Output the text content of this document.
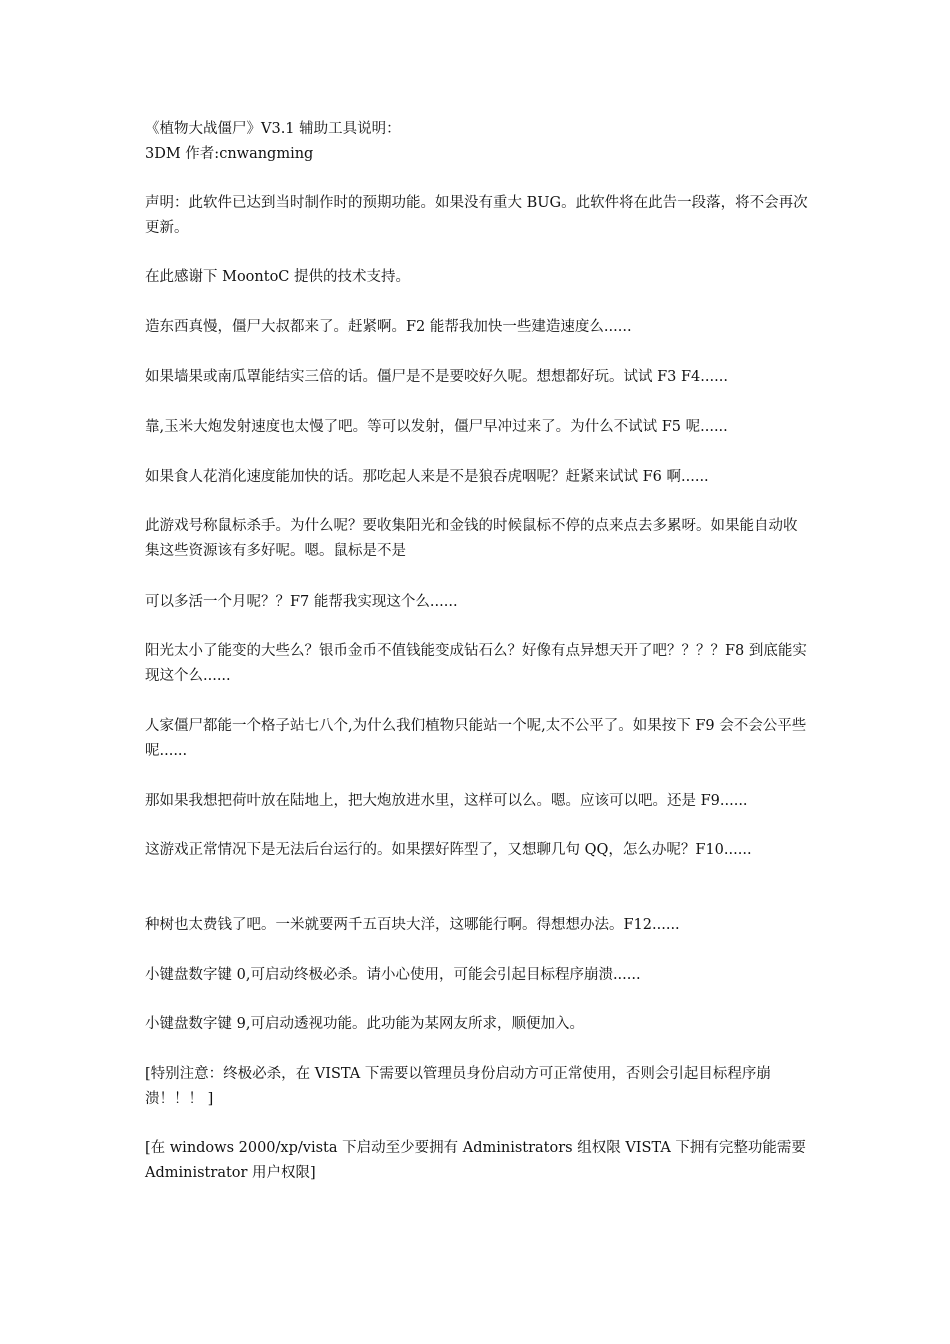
《植物大战僵尸》V3.1 辅助工具说明：

3DM 作者:cnwangming

声明：此软件已达到当时制作时的预期功能。如果没有重大 BUG。此软件将在此告一段落，将不会再次更新。

在此感谢下 MoontoC 提供的技术支持。

造东西真慢，僵尸大叔都来了。赶紧啊。F2 能帮我加快一些建造速度么......

如果墙果或南瓜罩能结实三倍的话。僵尸是不是要咬好久呢。想想都好玩。试试 F3 F4......

靠,玉米大炮发射速度也太慢了吧。等可以发射，僵尸早冲过来了。为什么不试试 F5 呢......

如果食人花消化速度能加快的话。那吃起人来是不是狼吞虎咽呢？赶紧来试试 F6 啊......

此游戏号称鼠标杀手。为什么呢？要收集阳光和金钱的时候鼠标不停的点来点去多累呀。如果能自动收集这些资源该有多好呢。嗯。鼠标是不是

可以多活一个月呢？？F7 能帮我实现这个么......

阳光太小了能变的大些么？银币金币不值钱能变成钻石么？好像有点异想天开了吧？？？？F8 到底能实现这个么......

人家僵尸都能一个格子站七八个,为什么我们植物只能站一个呢,太不公平了。如果按下 F9 会不会公平些呢......

那如果我想把荷叶放在陆地上，把大炮放进水里，这样可以么。嗯。应该可以吧。还是 F9......

这游戏正常情况下是无法后台运行的。如果摆好阵型了，又想聊几句 QQ，怎么办呢？F10......

种树也太费钱了吧。一米就要两千五百块大洋，这哪能行啊。得想想办法。F12......

小键盘数字键 0,可启动终极必杀。请小心使用，可能会引起目标程序崩溃......

小键盘数字键 9,可启动透视功能。此功能为某网友所求，顺便加入。

[特别注意：终极必杀，在 VISTA 下需要以管理员身份启动方可正常使用，否则会引起目标程序崩溃！！！ ]

[在 windows 2000/xp/vista 下启动至少要拥有 Administrators 组权限 VISTA 下拥有完整功能需要 Administrator 用户权限]
